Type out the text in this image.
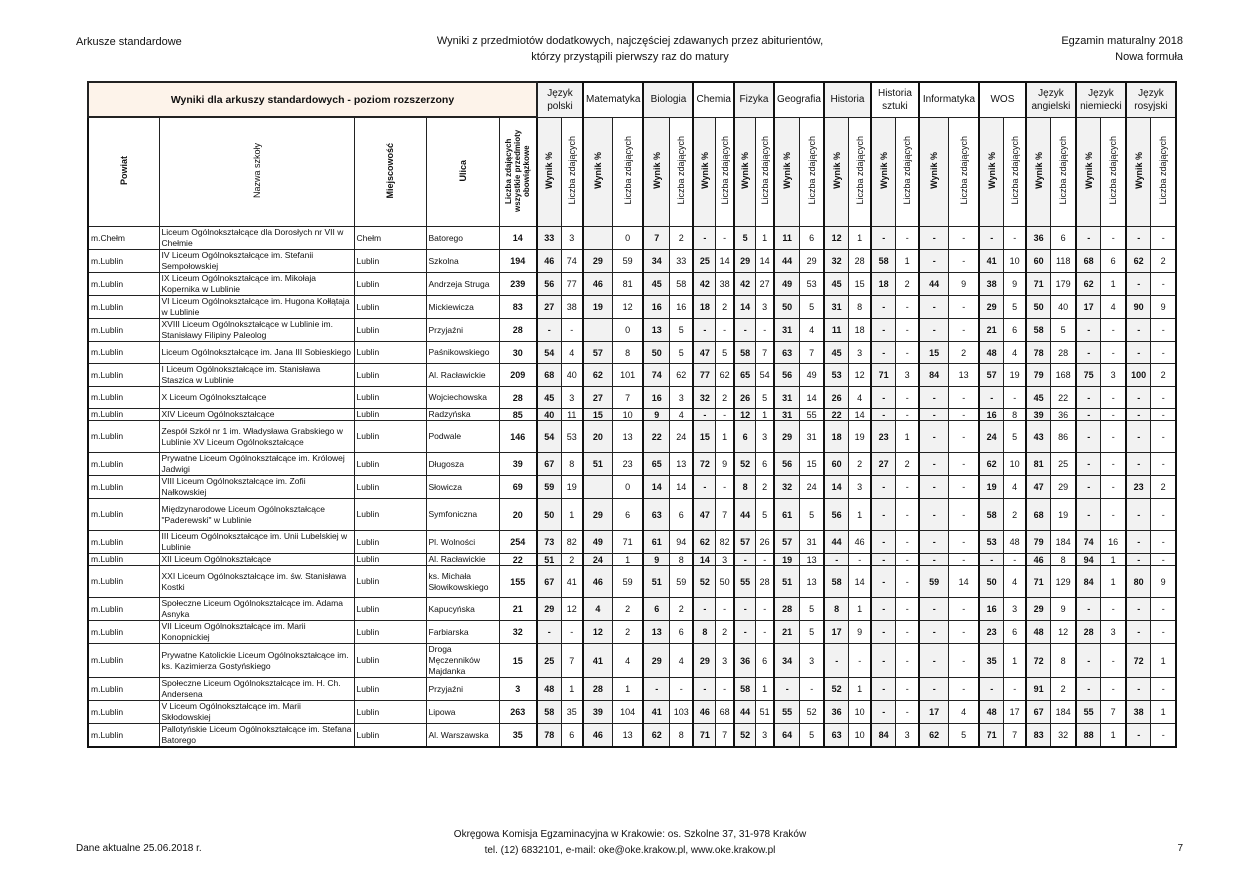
Arkusze standardowe	Wyniki z przedmiotów dodatkowych, najczęściej zdawanych przez abiturientów,
którzy przystąpili pierwszy raz do matury
Egzamin maturalny 2018
Nowa formuła
Wyniki dla arkuszy standardowych - poziom rozszerzony					Język polski		Matematyka		Biologia		Chemia		Fizyka		Geografia		Historia		Historia sztuki		Informatyka		WOS		Język angielski		Język niemiecki		Język rosyjski	
Powiat	Nazwa szkoły	Miejscowość	Ulica	Liczba zdających wszystkie przedmioty obowiązkowe	Wynik %	Liczba zdających	Wynik %	Liczba zdających	Wynik %	Liczba zdających	Wynik %	Liczba zdających	Wynik %	Liczba zdających	Wynik %	Liczba zdających	Wynik %	Liczba zdających	Wynik %	Liczba zdających	Wynik %	Liczba zdających	Wynik %	Liczba zdających	Wynik %	Liczba zdających	Wynik %	Liczba zdających	Wynik %	Liczba zdających
m.Chełm	Liceum Ogólnokształcące dla Dorosłych nr VII w Chełmie	Chełm	Batorego	14	33	3		0	7	2	-	-	5	1	11	6	12	1	-	-	-	-	-	-	36	6	-	-	-	-
m.Lublin	IV Liceum Ogólnokształcące im. Stefanii Sempołowskiej	Lublin	Szkolna	194	46	74	29	59	34	33	25	14	29	14	44	29	32	28	58	1	-	-	41	10	60	118	68	6	62	2
m.Lublin	IX Liceum Ogólnokształcące im. Mikołaja Kopernika w Lublinie	Lublin	Andrzeja Struga	239	56	77	46	81	45	58	42	38	42	27	49	53	45	15	18	2	44	9	38	9	71	179	62	1	-	-
m.Lublin	VI Liceum Ogólnokształcące im. Hugona Kołłątaja w Lublinie	Lublin	Mickiewicza	83	27	38	19	12	16	16	18	2	14	3	50	5	31	8	-	-	-	-	29	5	50	40	17	4	90	9
m.Lublin	XVIII Liceum Ogólnokształcące w Lublinie im. Stanisławy Filipiny Paleolog	Lublin	Przyjaźni	28	-	-		0	13	5	-	-	-	-	31	4	11	18	-	-	-	-	21	6	58	5	-	-	-	-
m.Lublin	Liceum Ogólnokształcące im. Jana III Sobieskiego	Lublin	Paśnikowskiego	30	54	4	57	8	50	5	47	5	58	7	63	7	45	3	-	-	15	2	48	4	78	28	-	-	-	-
m.Lublin	I Liceum Ogólnokształcące im. Stanisława Staszica w Lublinie	Lublin	Al. Racławickie	209	68	40	62	101	74	62	77	62	65	54	56	49	53	12	71	3	84	13	57	19	79	168	75	3	100	2
m.Lublin	X Liceum Ogólnokształcące	Lublin	Wojciechowska	28	45	3	27	7	16	3	32	2	26	5	31	14	26	4	-	-	-	-	-	-	45	22	-	-	-	-
m.Lublin	XIV Liceum Ogólnokształcące	Lublin	Radzyńska	85	40	11	15	10	9	4	-	-	12	1	31	55	22	14	-	-	-	-	16	8	39	36	-	-	-	-
m.Lublin	Zespół Szkół nr 1 im. Władysława Grabskiego w Lublinie XV Liceum Ogólnokształcące	Lublin	Podwale	146	54	53	20	13	22	24	15	1	6	3	29	31	18	19	23	1	-	-	24	5	43	86	-	-	-	-
m.Lublin	Prywatne Liceum Ogólnokształcące im. Królowej Jadwigi	Lublin	Długosza	39	67	8	51	23	65	13	72	9	52	6	56	15	60	2	27	2	-	-	62	10	81	25	-	-	-	-
m.Lublin	VIII Liceum Ogólnokształcące im. Zofii Nałkowskiej	Lublin	Słowicza	69	59	19		0	14	14	-	-	8	2	32	24	14	3	-	-	-	-	19	4	47	29	-	-	23	2
m.Lublin	Międzynarodowe Liceum Ogólnokształcące "Paderewski" w Lublinie	Lublin	Symfoniczna	20	50	1	29	6	63	6	47	7	44	5	61	5	56	1	-	-	-	-	58	2	68	19	-	-	-	-
m.Lublin	III Liceum Ogólnokształcące im. Unii Lubelskiej w Lublinie	Lublin	Pl. Wolności	254	73	82	49	71	61	94	62	82	57	26	57	31	44	46	-	-	-	-	53	48	79	184	74	16	-	-
m.Lublin	XII Liceum Ogólnokształcące	Lublin	Al. Racławickie	22	51	2	24	1	9	8	14	3	-	-	19	13	-	-	-	-	-	-	-	-	46	8	94	1	-	-
m.Lublin	XXI Liceum Ogólnokształcące im. św. Stanisława Kostki	Lublin	ks. Michała Słowikowskiego	155	67	41	46	59	51	59	52	50	55	28	51	13	58	14	-	-	59	14	50	4	71	129	84	1	80	9
m.Lublin	Społeczne Liceum Ogólnokształcące im. Adama Asnyka	Lublin	Kapucyńska	21	29	12	4	2	6	2	-	-	-	-	28	5	8	1	-	-	-	-	16	3	29	9	-	-	-	-
m.Lublin	VII Liceum Ogólnokształcące im. Marii Konopnickiej	Lublin	Farbiarska	32	-	-	12	2	13	6	8	2	-	-	21	5	17	9	-	-	-	-	23	6	48	12	28	3	-	-
m.Lublin	Prywatne Katolickie Liceum Ogólnokształcące im. ks. Kazimierza Gostyńskiego	Lublin	Droga Męczenników Majdanka	15	25	7	41	4	29	4	29	3	36	6	34	3	-	-	-	-	-	-	35	1	72	8	-	-	72	1
m.Lublin	Społeczne Liceum Ogólnokształcące im. H. Ch. Andersena	Lublin	Przyjaźni	3	48	1	28	1	-	-	-	-	58	1	-	-	52	1	-	-	-	-	-	-	91	2	-	-	-	-
m.Lublin	V Liceum Ogólnokształcące im. Marii Skłodowskiej	Lublin	Lipowa	263	58	35	39	104	41	103	46	68	44	51	55	52	36	10	-	-	17	4	48	17	67	184	55	7	38	1
m.Lublin	Pallotyńskie Liceum Ogólnokształcące im. Stefana Batorego	Lublin	Al. Warszawska	35	78	6	46	13	62	8	71	7	52	3	64	5	63	10	84	3	62	5	71	7	83	32	88	1	-	-
Dane aktualne 25.06.2018 r.
Okręgowa Komisja Egzaminacyjna w Krakowie: os. Szkolne 37, 31-978 Kraków
tel. (12) 6832101, e-mail: oke@oke.krakow.pl, www.oke.krakow.pl	7
